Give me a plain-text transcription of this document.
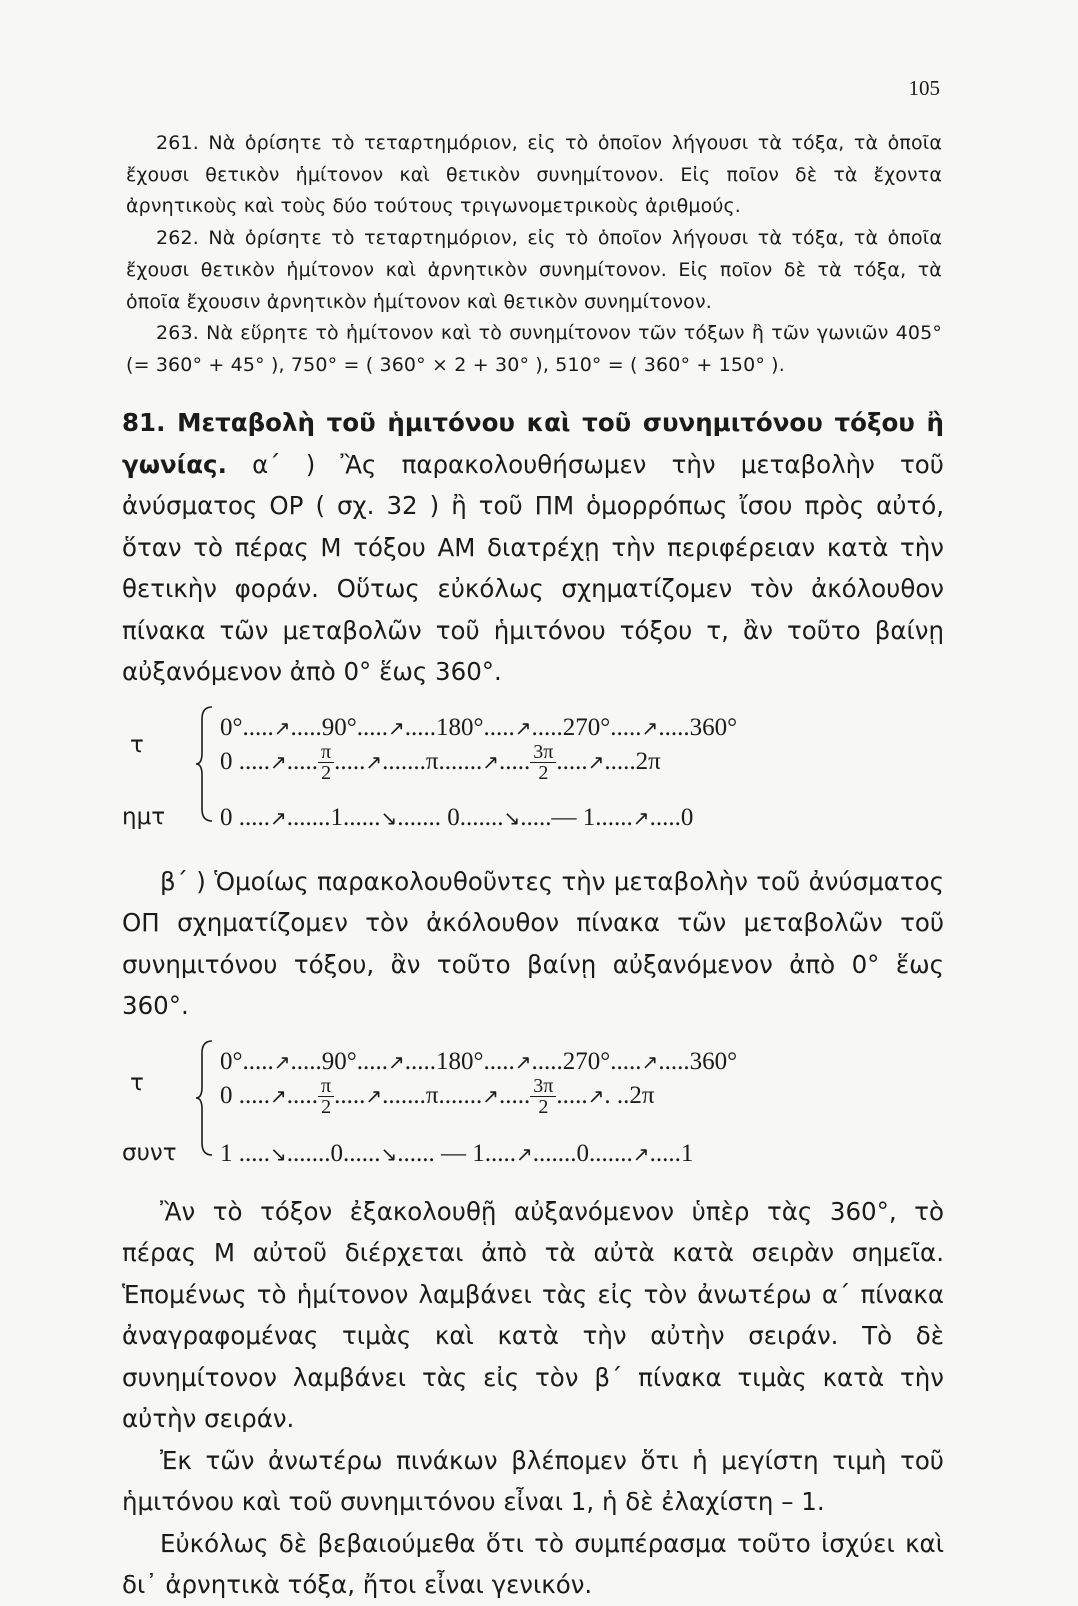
105

261. Νὰ ὁρίσητε τὸ τεταρτημόριον, εἰς τὸ ὁποῖον λήγουσι τὰ τόξα, τὰ ὁποῖα ἔχουσι θετικὸν ἡμίτονον καὶ θετικὸν συνημίτονον. Εἰς ποῖον δὲ τὰ ἔχοντα ἀρνητικοὺς καὶ τοὺς δύο τούτους τριγωνομετρικοὺς ἀριθμούς.

262. Νὰ ὁρίσητε τὸ τεταρτημόριον, εἰς τὸ ὁποῖον λήγουσι τὰ τόξα, τὰ ὁποῖα ἔχουσι θετικὸν ἡμίτονον καὶ ἀρνητικὸν συνημίτονον. Εἰς ποῖον δὲ τὰ τόξα, τὰ ὁποῖα ἔχουσιν ἀρνητικὸν ἡμίτονον καὶ θετικὸν συνημίτονον.

263. Νὰ εὕρητε τὸ ἡμίτονον καὶ τὸ συνημίτονον τῶν τόξων ἢ τῶν γωνιῶν 405° (= 360° + 45° ), 750° = ( 360° × 2 + 30° ), 510° = ( 360° + 150° ).

81. Μεταβολὴ τοῦ ἡμιτόνου καὶ τοῦ συνημιτόνου τόξου ἢ γωνίας. α΄ ) Ἂς παρακολουθήσωμεν τὴν μεταβολὴν τοῦ ἀνύσματος ΟΡ ( σχ. 32 ) ἢ τοῦ ΠΜ ὁμορρόπως ἴσου πρὸς αὐτό, ὅταν τὸ πέρας Μ τόξου ΑΜ διατρέχῃ τὴν περιφέρειαν κατὰ τὴν θετικὴν φοράν. Οὕτως εὐκόλως σχηματίζομεν τὸν ἀκόλουθον πίνακα τῶν μεταβολῶν τοῦ ἡμιτόνου τόξου τ, ἂν τοῦτο βαίνῃ αὐξανόμενον ἀπὸ 0° ἕως 360°.

τ
ημτ
0°.....↗.....90°.....↗.....180°.....↗.....270°.....↗.....360°
0 .....↗..... $\frac{\pi}{2}$ .....↗.......π.......↗..... $\frac{3\pi}{2}$ .....↗.....2π
0 .....↗.......1......↘....... 0.......↘.....— 1......↗.....0

β΄ ) Ὁμοίως παρακολουθοῦντες τὴν μεταβολὴν τοῦ ἀνύσματος ΟΠ σχηματίζομεν τὸν ἀκόλουθον πίνακα τῶν μεταβολῶν τοῦ συνημιτόνου τόξου, ἂν τοῦτο βαίνῃ αὐξανόμενον ἀπὸ 0° ἕως 360°.

τ
συντ
0°.....↗.....90°.....↗.....180°.....↗.....270°.....↗.....360°
0 .....↗..... $\frac{\pi}{2}$ .....↗.......π.......↗..... $\frac{3\pi}{2}$ .....↗. ..2π
1 .....↘.......0......↘...... — 1.....↗.......0.......↗.....1

Ἂν τὸ τόξον ἐξακολουθῇ αὐξανόμενον ὑπὲρ τὰς 360°, τὸ πέρας Μ αὐτοῦ διέρχεται ἀπὸ τὰ αὐτὰ κατὰ σειρὰν σημεῖα. Ἑπομένως τὸ ἡμίτονον λαμβάνει τὰς εἰς τὸν ἀνωτέρω α΄ πίνακα ἀναγραφομένας τιμὰς καὶ κατὰ τὴν αὐτὴν σειράν. Τὸ δὲ συνημίτονον λαμβάνει τὰς εἰς τὸν β΄ πίνακα τιμὰς κατὰ τὴν αὐτὴν σειράν.

Ἐκ τῶν ἀνωτέρω πινάκων βλέπομεν ὅτι ἡ μεγίστη τιμὴ τοῦ ἡμιτόνου καὶ τοῦ συνημιτόνου εἶναι 1, ἡ δὲ ἐλαχίστη – 1.

Εὐκόλως δὲ βεβαιούμεθα ὅτι τὸ συμπέρασμα τοῦτο ἰσχύει καὶ δι᾽ ἀρνητικὰ τόξα, ἤτοι εἶναι γενικόν.
